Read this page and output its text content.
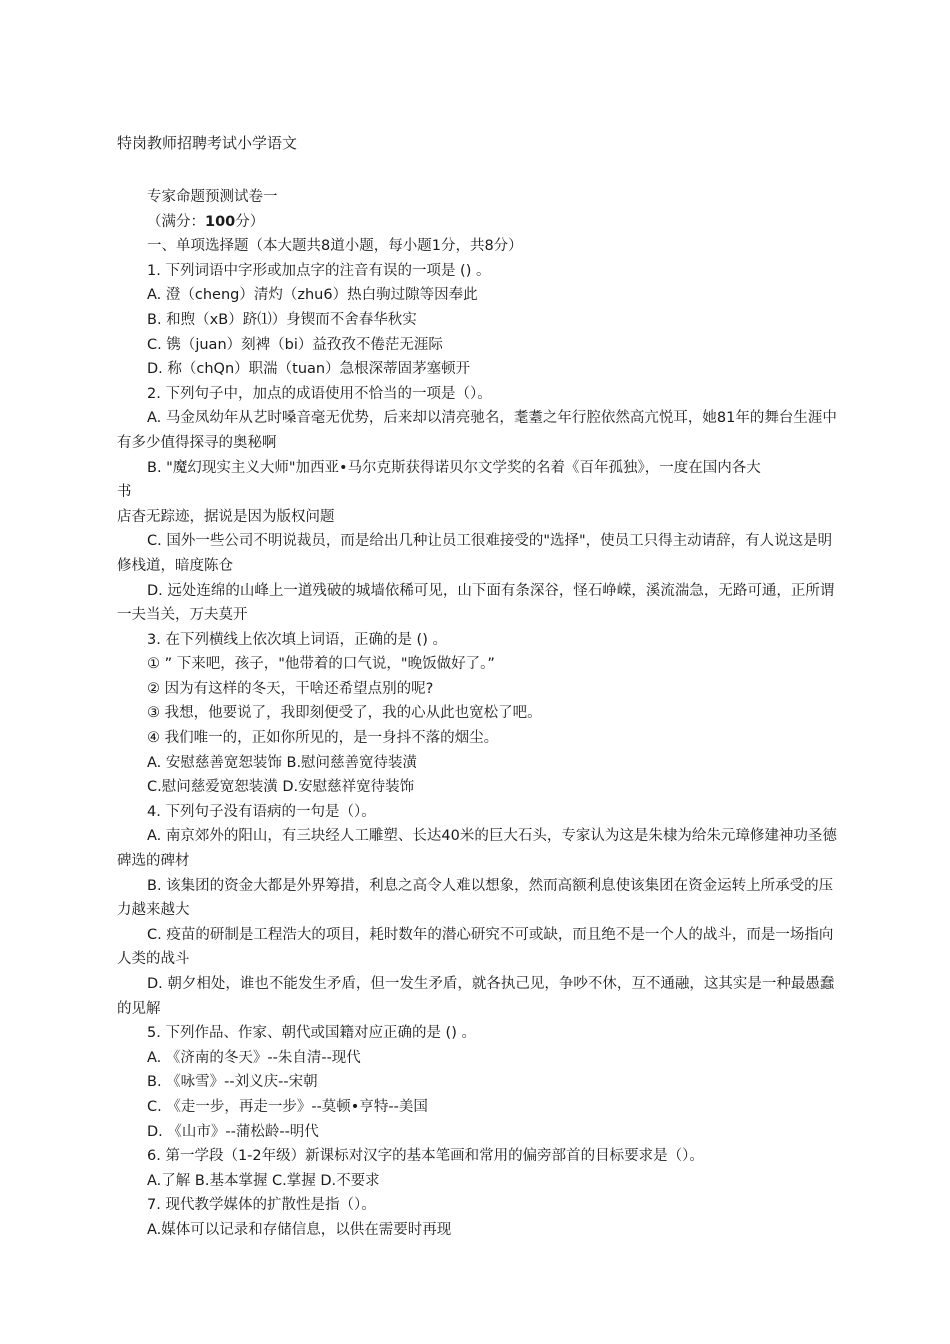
特岗教师招聘考试小学语文

专家命题预测试卷一

（满分：100分）

一、单项选择题（本大题共8道小题，每小题1分，共8分）

1. 下列词语中字形或加点字的注音有误的一项是 () 。

A. 澄（cheng）清灼（zhu6）热白驹过隙等因奉此

B. 和煦（xB）跻⑴）身锲而不舍春华秋实

C. 镌（juan）刻裨（bi）益孜孜不倦茫无涯际

D. 称（chQn）职湍（tuan）急根深蒂固茅塞顿开

2. 下列句子中，加点的成语使用不恰当的一项是（）。

A. 马金凤幼年从艺时嗓音毫无优势，后来却以清亮驰名，耄耋之年行腔依然高亢悦耳，她81年的舞台生涯中有多少值得探寻的奥秘啊

B. "魔幻现实主义大师"加西亚•马尔克斯获得诺贝尔文学奖的名着《百年孤独》，一度在国内各大

书

店杳无踪迹，据说是因为版权问题

C. 国外一些公司不明说裁员，而是给出几种让员工很难接受的"选择"，使员工只得主动请辞，有人说这是明修栈道，暗度陈仓

D. 远处连绵的山峰上一道残破的城墙依稀可见，山下面有条深谷，怪石峥嵘，溪流湍急，无路可通，正所谓一夫当关，万夫莫开

3. 在下列横线上依次填上词语，正确的是 () 。

① ” 下来吧，孩子，"他带着的口气说，"晚饭做好了。”

② 因为有这样的冬天，干啥还希望点别的呢?

③ 我想，他要说了，我即刻便受了，我的心从此也宽松了吧。

④ 我们唯一的，正如你所见的，是一身抖不落的烟尘。

A. 安慰慈善宽恕装饰 B.慰问慈善宽待装潢

C.慰问慈爱宽恕装潢 D.安慰慈祥宽待装饰

4. 下列句子没有语病的一句是（）。

A. 南京郊外的阳山，有三块经人工雕塑、长达40米的巨大石头，专家认为这是朱棣为给朱元璋修建神功圣德碑选的碑材

B. 该集团的资金大都是外界筹措，利息之高令人难以想象，然而高额利息使该集团在资金运转上所承受的压力越来越大

C. 疫苗的研制是工程浩大的项目，耗时数年的潜心研究不可或缺，而且绝不是一个人的战斗，而是一场指向人类的战斗

D. 朝夕相处，谁也不能发生矛盾，但一发生矛盾，就各执己见，争吵不休，互不通融，这其实是一种最愚蠢的见解

5. 下列作品、作家、朝代或国籍对应正确的是 () 。

A. 《济南的冬天》--朱自清--现代

B. 《咏雪》--刘义庆--宋朝

C. 《走一步，再走一步》--莫顿•亨特--美国

D. 《山市》--蒲松龄--明代

6. 第一学段（1-2年级）新课标对汉字的基本笔画和常用的偏旁部首的目标要求是（）。

A.了解 B.基本掌握 C.掌握 D.不要求

7. 现代教学媒体的扩散性是指（）。

A.媒体可以记录和存储信息，以供在需要时再现
